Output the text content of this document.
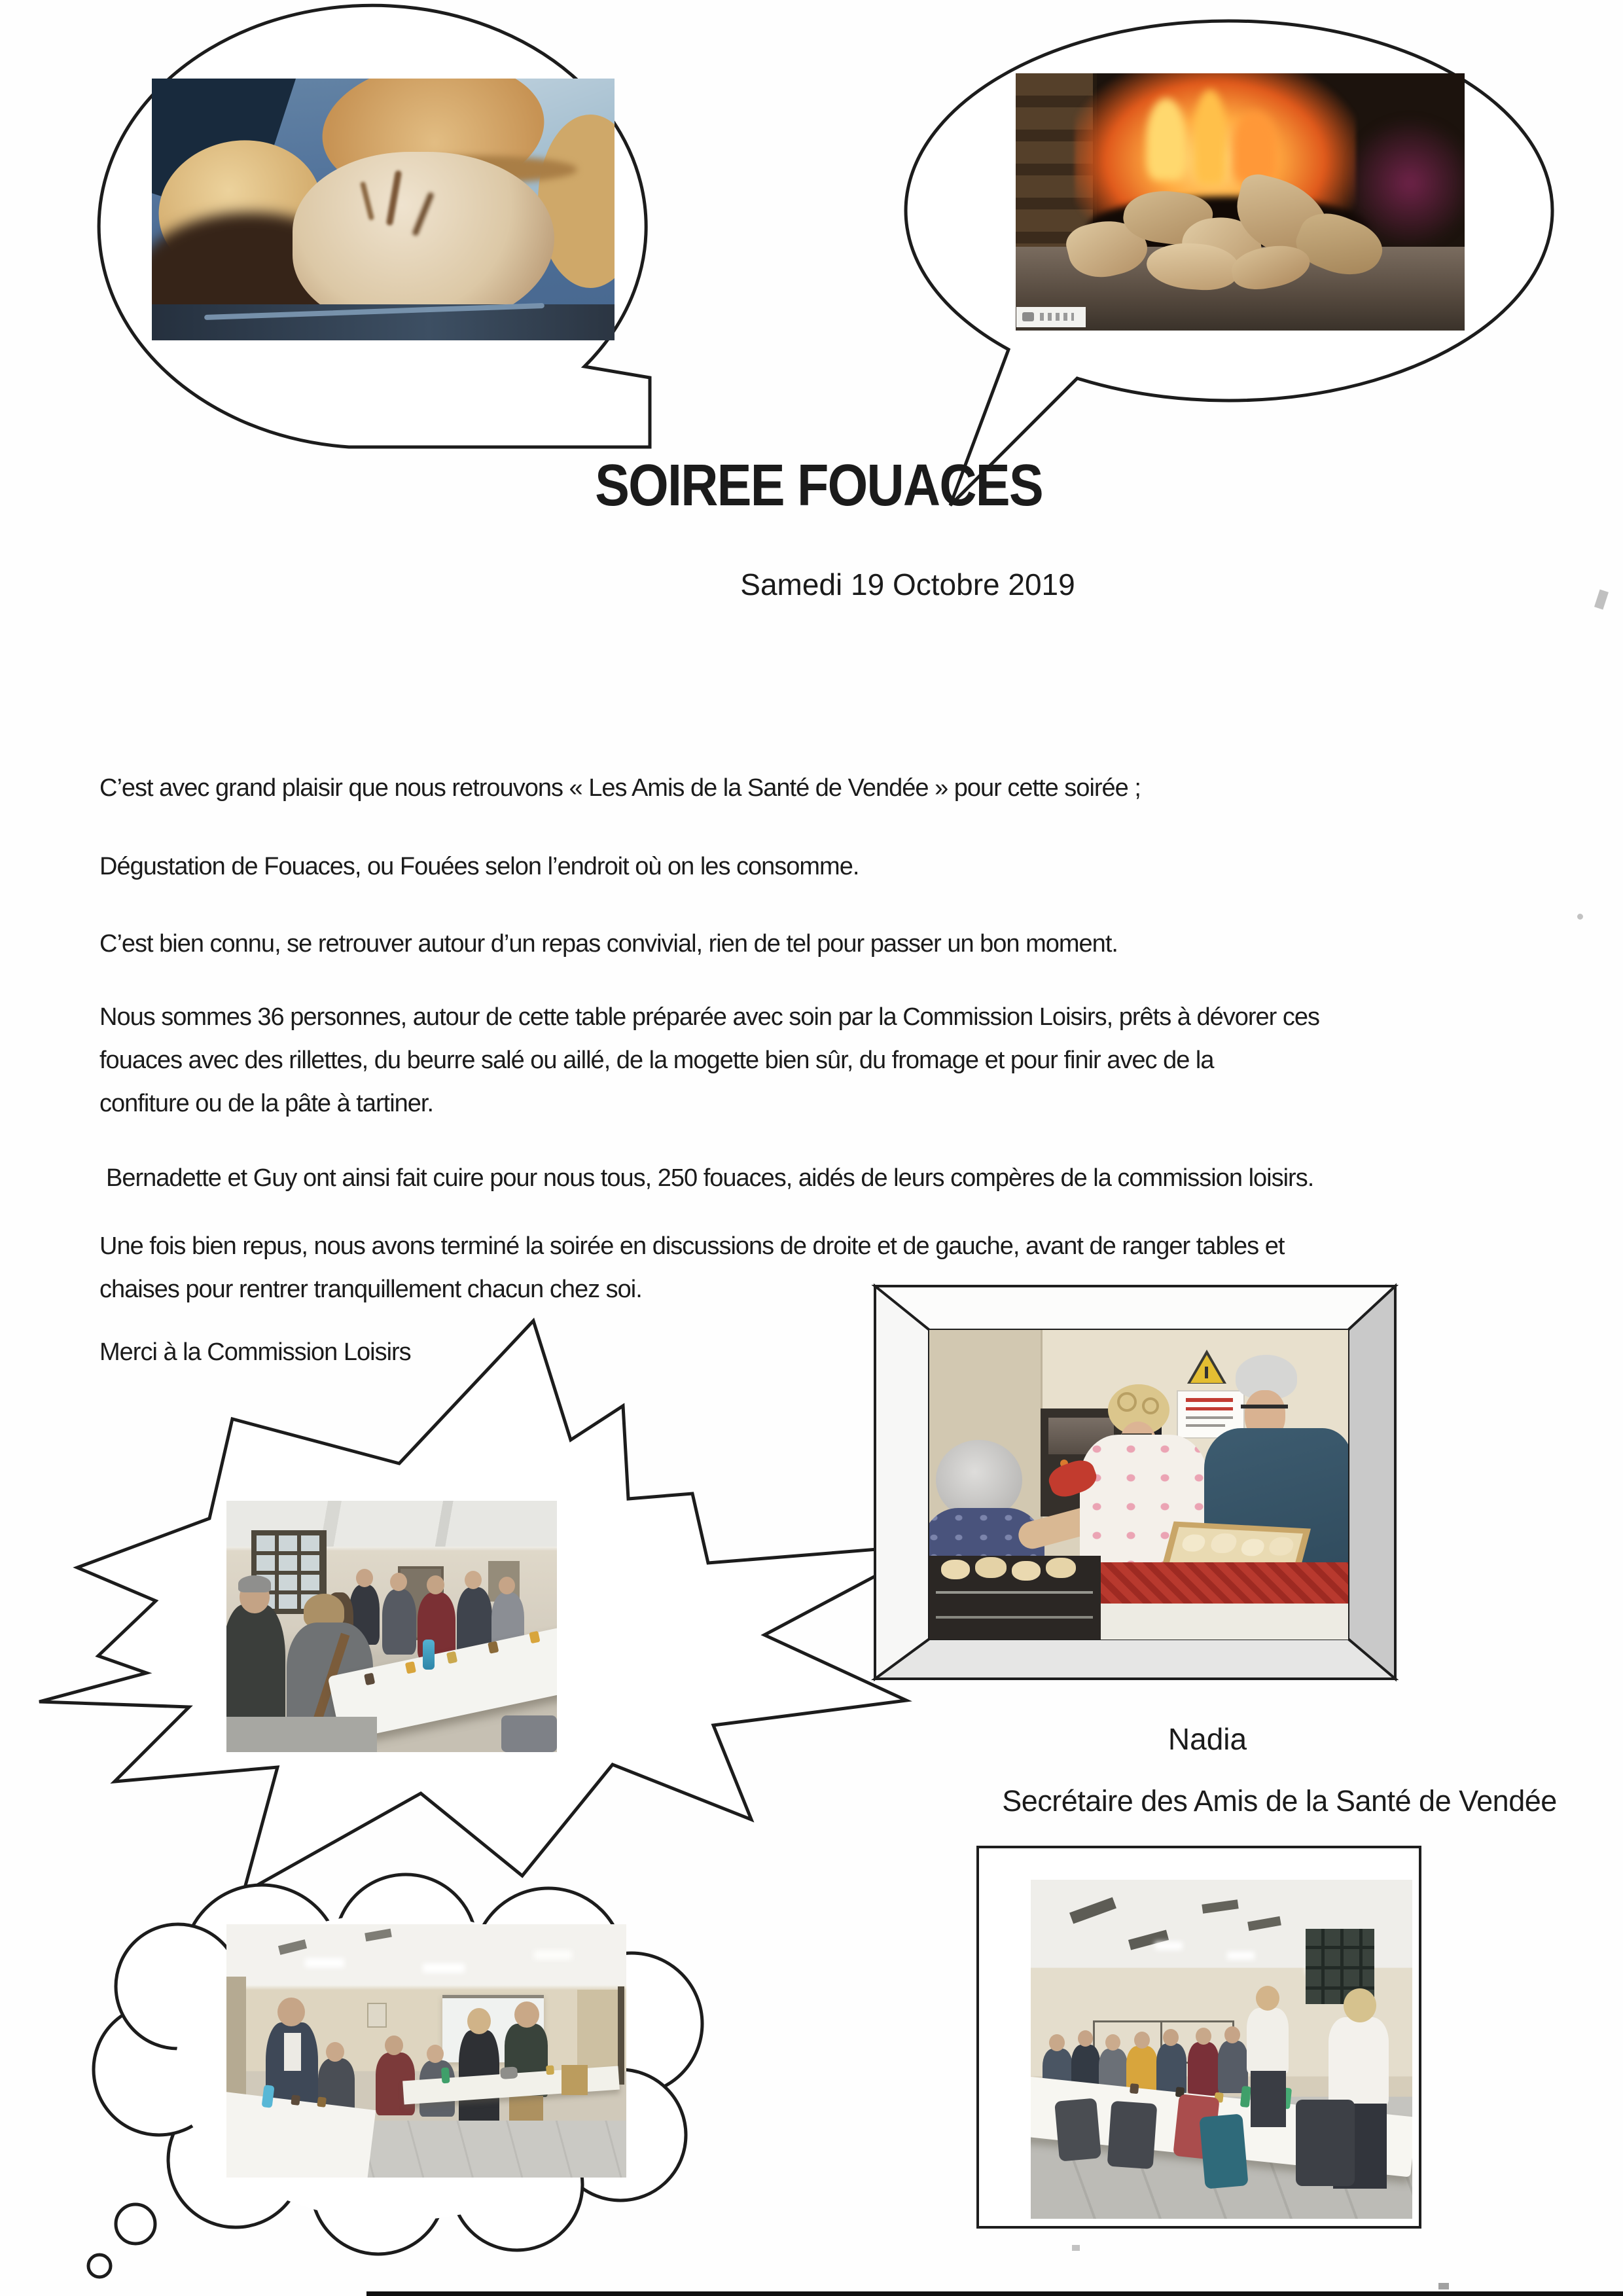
SOIREE FOUACES
Samedi 19 Octobre 2019
C’est avec grand plaisir que nous retrouvons « Les Amis de la Santé de Vendée » pour cette soirée ;
Dégustation de Fouaces, ou Fouées selon l’endroit où on les consomme.
C’est bien connu, se retrouver autour d’un repas convivial, rien de tel pour passer un bon moment.
Nous sommes 36 personnes, autour de cette table préparée avec soin par la Commission Loisirs, prêts à dévorer ces
fouaces avec des rillettes, du beurre salé ou aillé, de la mogette bien sûr, du fromage et pour finir avec de la
confiture ou de la pâte à tartiner.
Bernadette et Guy ont ainsi fait cuire pour nous tous, 250 fouaces, aidés de leurs compères de la commission loisirs.
Une fois bien repus, nous avons terminé la soirée en discussions de droite et de gauche, avant de ranger tables et
chaises pour rentrer tranquillement chacun chez soi.
Merci à la Commission Loisirs
Nadia
Secrétaire des Amis de la Santé de Vendée
